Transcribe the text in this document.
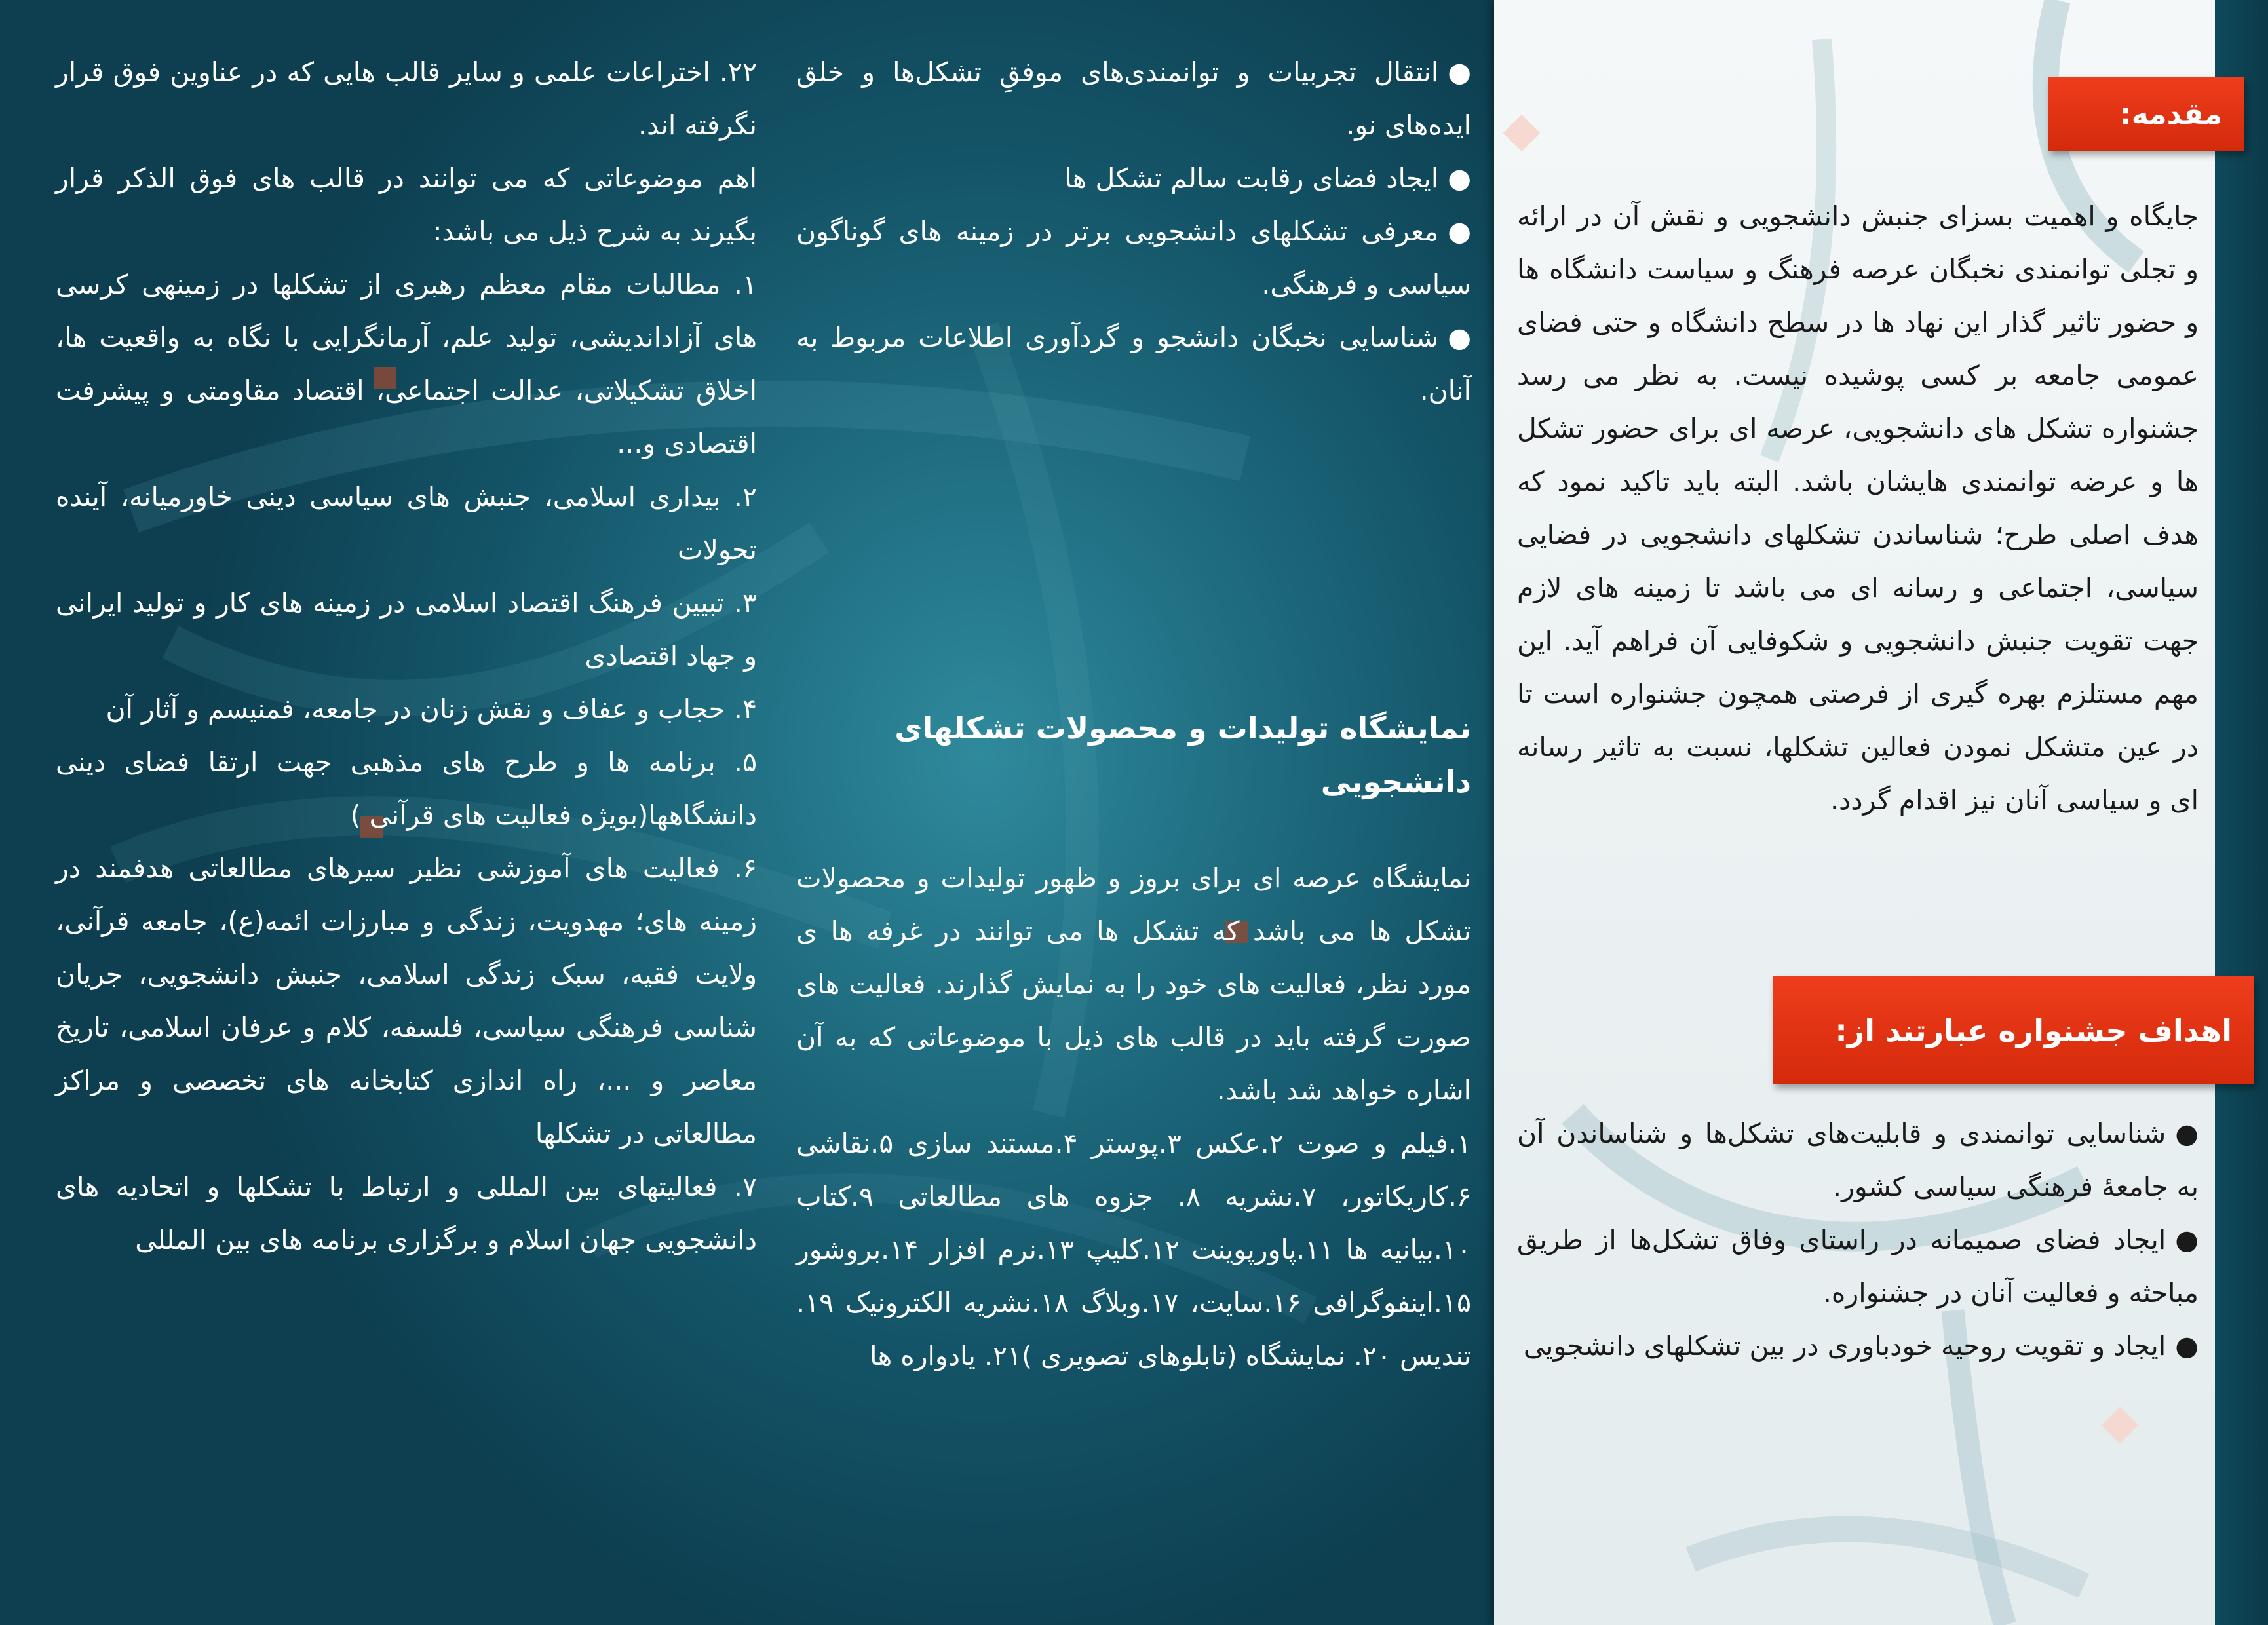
مقدمه:

جایگاه و اهمیت بسزای جنبش دانشجویی و نقش آن در ارائه و تجلی توانمندی نخبگان عرصه فرهنگ و سیاست دانشگاه ها و حضور تاثیر گذار این نهاد ها در سطح دانشگاه و حتی فضای عمومی جامعه بر کسی پوشیده نیست. به نظر می رسد جشنواره تشکل های دانشجویی، عرصه ای برای حضور تشکل ها و عرضه توانمندی هایشان باشد. البته باید تاکید نمود که هدف اصلی طرح؛ شناساندن تشکلهای دانشجویی در فضایی سیاسی، اجتماعی و رسانه ای می باشد تا زمینه های لازم جهت تقویت جنبش دانشجویی و شکوفایی آن فراهم آید. این مهم مستلزم بهره گیری از فرصتی همچون جشنواره است تا در عین متشکل نمودن فعالین تشکلها، نسبت به تاثیر رسانه ای و سیاسی آنان نیز اقدام گردد.

اهداف جشنواره عبارتند از:

●شناسایی توانمندی و قابلیت‌های تشکل‌ها و شناساندن آن به جامعۀ فرهنگی سیاسی کشور.

●ایجاد فضای صمیمانه در راستای وفاق تشکل‌ها از طریق مباحثه و فعالیت آنان در جشنواره.

●ایجاد و تقویت روحیه خودباوری در بین تشکلهای دانشجویی

●انتقال تجربیات و توانمندی‌های موفقِ تشکل‌ها و خلق ایده‌های نو.

●ایجاد فضای رقابت سالم تشکل ها

●معرفی تشکلهای دانشجویی برتر در زمینه های گوناگون سیاسی و فرهنگی.

●شناسایی نخبگان دانشجو و گردآوری اطلاعات مربوط به آنان.

نمایشگاه تولیدات و محصولات تشکلهای دانشجویی

نمایشگاه عرصه ای برای بروز و ظهور تولیدات و محصولات تشکل ها می باشد که تشکل ها می توانند در غرفه ها ی مورد نظر، فعالیت های خود را به نمایش گذارند. فعالیت های صورت گرفته باید در قالب های ذیل با موضوعاتی که به آن اشاره خواهد شد باشد.

۱.فیلم و صوت ۲.عکس ۳.پوستر ۴.مستند سازی ۵.نقاشی ۶.کاریکاتور، ۷.نشریه ۸. جزوه های مطالعاتی ۹.کتاب ۱۰.بیانیه ها ۱۱.پاورپوینت ۱۲.کلیپ ۱۳.نرم افزار ۱۴.بروشور ۱۵.اینفوگرافی ۱۶.سایت، ۱۷.وبلاگ ۱۸.نشریه الکترونیک ۱۹. تندیس ۲۰. نمایشگاه (تابلوهای تصویری )۲۱. یادواره ها

۲۲. اختراعات علمی و سایر قالب هایی که در عناوین فوق قرار نگرفته اند.

اهم موضوعاتی که می توانند در قالب های فوق الذکر قرار بگیرند به شرح ذیل می باشد:

۱. مطالبات مقام معظم رهبری از تشکلها در زمینهی کرسی های آزاداندیشی، تولید علم، آرمانگرایی با نگاه به واقعیت ها، اخلاق تشکیلاتی، عدالت اجتماعی، اقتصاد مقاومتی و پیشرفت اقتصادی و...

۲. بیداری اسلامی، جنبش های سیاسی دینی خاورمیانه، آینده تحولات

۳. تبیین فرهنگ اقتصاد اسلامی در زمینه های کار و تولید ایرانی و جهاد اقتصادی

۴. حجاب و عفاف و نقش زنان در جامعه، فمنیسم و آثار آن

۵. برنامه ها و طرح های مذهبی جهت ارتقا فضای دینی دانشگاهها(بویژه فعالیت های قرآنی )

۶. فعالیت های آموزشی نظیر سیرهای مطالعاتی هدفمند در زمینه های؛ مهدویت، زندگی و مبارزات ائمه(ع)، جامعه قرآنی، ولایت فقیه، سبک زندگی اسلامی، جنبش دانشجویی، جریان شناسی فرهنگی سیاسی، فلسفه، کلام و عرفان اسلامی، تاریخ معاصر و ...، راه اندازی کتابخانه های تخصصی و مراکز مطالعاتی در تشکلها

۷. فعالیتهای بین المللی و ارتباط با تشکلها و اتحادیه های دانشجویی جهان اسلام و برگزاری برنامه های بین المللی
